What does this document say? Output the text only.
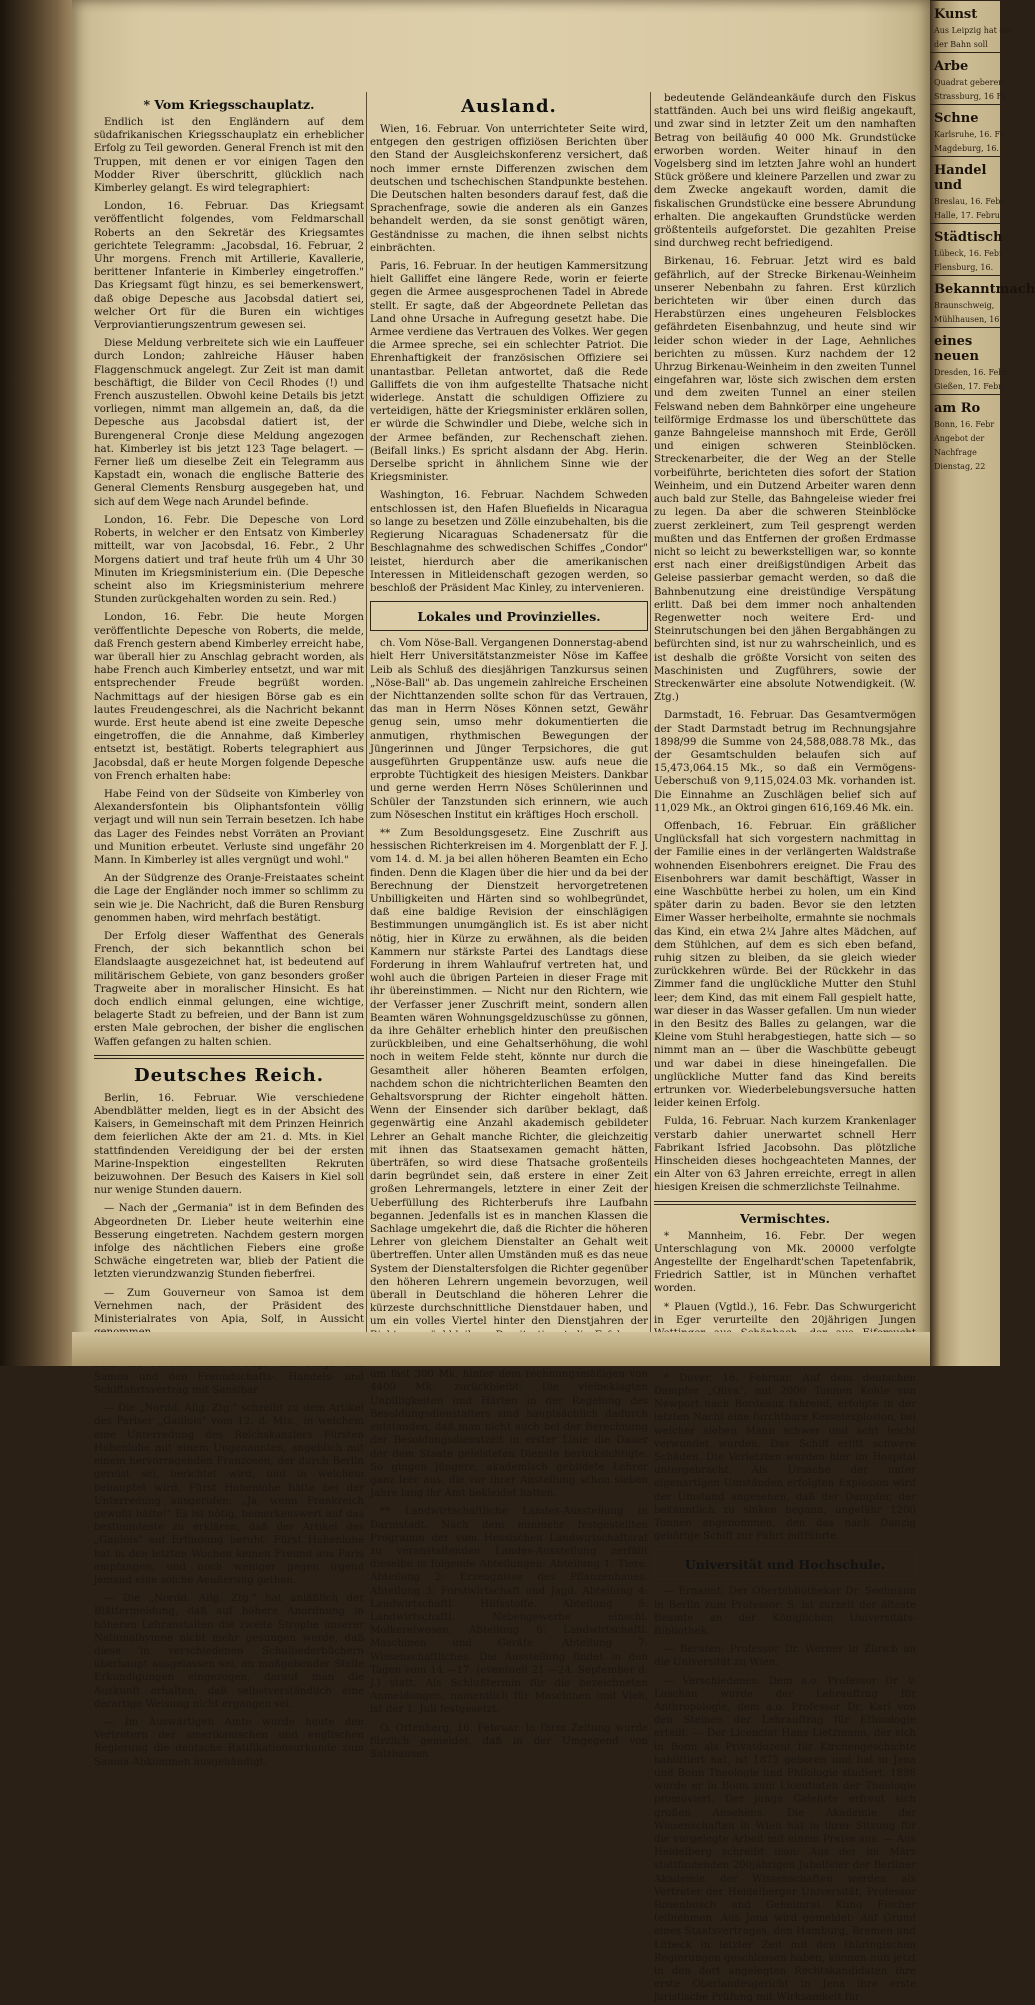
* Vom Kriegsschauplatz.

Endlich ist den Engländern auf dem südafrikanischen Kriegsschauplatz ein erheblicher Erfolg zu Teil geworden. General French ist mit den Truppen, mit denen er vor einigen Tagen den Modder River überschritt, glücklich nach Kimberley gelangt. Es wird telegraphiert:

London, 16. Februar. Das Kriegsamt veröffentlicht folgendes, vom Feldmarschall Roberts an den Sekretär des Kriegsamtes gerichtete Telegramm: „Jacobsdal, 16. Februar, 2 Uhr morgens. French mit Artillerie, Kavallerie, berittener Infanterie in Kimberley eingetroffen." Das Kriegsamt fügt hinzu, es sei bemerkenswert, daß obige Depesche aus Jacobsdal datiert sei, welcher Ort für die Buren ein wichtiges Verproviantierungszentrum gewesen sei.

Diese Meldung verbreitete sich wie ein Lauffeuer durch London; zahlreiche Häuser haben Flaggenschmuck angelegt. Zur Zeit ist man damit beschäftigt, die Bilder von Cecil Rhodes (!) und French auszustellen. Obwohl keine Details bis jetzt vorliegen, nimmt man allgemein an, daß, da die Depesche aus Jacobsdal datiert ist, der Burengeneral Cronje diese Meldung angezogen hat. Kimberley ist bis jetzt 123 Tage belagert. — Ferner ließ um dieselbe Zeit ein Telegramm aus Kapstadt ein, wonach die englische Batterie des General Clements Rensburg ausgegeben hat, und sich auf dem Wege nach Arundel befinde.

London, 16. Febr. Die Depesche von Lord Roberts, in welcher er den Entsatz von Kimberley mitteilt, war von Jacobsdal, 16. Febr., 2 Uhr Morgens datiert und traf heute früh um 4 Uhr 30 Minuten im Kriegsministerium ein. (Die Depesche scheint also im Kriegsministerium mehrere Stunden zurückgehalten worden zu sein. Red.)

London, 16. Febr. Die heute Morgen veröffentlichte Depesche von Roberts, die melde, daß French gestern abend Kimberley erreicht habe, war überall hier zu Anschlag gebracht worden, als habe French auch Kimberley entsetzt, und war mit entsprechender Freude begrüßt worden. Nachmittags auf der hiesigen Börse gab es ein lautes Freudengeschrei, als die Nachricht bekannt wurde. Erst heute abend ist eine zweite Depesche eingetroffen, die die Annahme, daß Kimberley entsetzt ist, bestätigt. Roberts telegraphiert aus Jacobsdal, daß er heute Morgen folgende Depesche von French erhalten habe:

Habe Feind von der Südseite von Kimberley von Alexandersfontein bis Oliphantsfontein völlig verjagt und will nun sein Terrain besetzen. Ich habe das Lager des Feindes nebst Vorräten an Proviant und Munition erbeutet. Verluste sind ungefähr 20 Mann. In Kimberley ist alles vergnügt und wohl."

An der Südgrenze des Oranje-Freistaates scheint die Lage der Engländer noch immer so schlimm zu sein wie je. Die Nachricht, daß die Buren Rensburg genommen haben, wird mehrfach bestätigt.

Der Erfolg dieser Waffenthat des Generals French, der sich bekanntlich schon bei Elandslaagte ausgezeichnet hat, ist bedeutend auf militärischem Gebiete, von ganz besonders großer Tragweite aber in moralischer Hinsicht. Es hat doch endlich einmal gelungen, eine wichtige, belagerte Stadt zu befreien, und der Bann ist zum ersten Male gebrochen, der bisher die englischen Waffen gefangen zu halten schien.

Deutsches Reich.

Berlin, 16. Februar. Wie verschiedene Abendblätter melden, liegt es in der Absicht des Kaisers, in Gemeinschaft mit dem Prinzen Heinrich dem feierlichen Akte der am 21. d. Mts. in Kiel stattfindenden Vereidigung der bei der ersten Marine-Inspektion eingestellten Rekruten beizuwohnen. Der Besuch des Kaisers in Kiel soll nur wenige Stunden dauern.

— Nach der „Germania" ist in dem Befinden des Abgeordneten Dr. Lieber heute weiterhin eine Besserung eingetreten. Nachdem gestern morgen infolge des nächtlichen Fiebers eine große Schwäche eingetreten war, blieb der Patient die letzten vierundzwanzig Stunden fieberfrei.

— Zum Gouverneur von Samoa ist dem Vernehmen nach, der Präsident des Ministerialrates von Apia, Solf, in Aussicht

Samoa und den Freundschafts-, Handels- und Schiffahrtsvertrag mit Sansibar.

— Die „Nordd. Allg. Ztg." schreibt zu dem Artikel des Pariser „Gaulois" vom 12. d. Mts., in welchem eine Unterredung des Reichskanzlers Fürsten Hohenlohe mit einem Ungenannten, angeblich mit einem hervorragenden Franzosen, der durch Berlin gereist sei, berichtet wird, und in welchem behauptet wird, Fürst Hohenlohe hätte bei der Unterredung ausgerufen: „Ja, wenn Frankreich gewollt hätte!" Es ist nötig, bemerkenswert auf das bestimmteste zu erklären, daß der Artikel des „Gaulois" auf Erfindung beruht. Fürst Hohenlohe hat in den letzten Wochen keinen Freund aus Paris empfangen, und noch weniger gegen irgend jemand eine solche Aeußerung gethan.

— Die „Nordd. Allg. Ztg." hat anläßlich der Blättermeldung, daß auf höhere Anordnung in höheren Lehranstalten die zweite Strophe unserer Nationalhymne nicht mehr gesungen werde, daß diese in verschiedenen Schulliederbüchern überhaupt ausgelassen sei, an maßgebender Stelle Erkundigungen eingezogen, darauf man die Auskunft erhalten, daß selbstverständlich eine derartige Weisung nicht ergangen sei.

— Im Auswärtigen Amte wurde heute den Vertretern der amerikanischen und englischen Regierung die deutsche Ratifikationsurkunde zum Samoa-Abkommen ausgehändigt.

Ausland.

Wien, 16. Februar. Von unterrichteter Seite wird, entgegen den gestrigen offiziösen Berichten über den Stand der Ausgleichskonferenz versichert, daß noch immer ernste Differenzen zwischen dem deutschen und tschechischen Standpunkte bestehen. Die Deutschen halten besonders darauf fest, daß die Sprachenfrage, sowie die anderen als ein Ganzes behandelt werden, da sie sonst genötigt wären, Geständnisse zu machen, die ihnen selbst nichts einbrächten.

Paris, 16. Februar. In der heutigen Kammersitzung hielt Galliffet eine längere Rede, worin er feierte gegen die Armee ausgesprochenen Tadel in Abrede stellt. Er sagte, daß der Abgeordnete Pelletan das Land ohne Ursache in Aufregung gesetzt habe. Die Armee verdiene das Vertrauen des Volkes. Wer gegen die Armee spreche, sei ein schlechter Patriot. Die Ehrenhaftigkeit der französischen Offiziere sei unantastbar. Pelletan antwortet, daß die Rede Galliffets die von ihm aufgestellte Thatsache nicht widerlege. Anstatt die schuldigen Offiziere zu verteidigen, hätte der Kriegsminister erklären sollen, er würde die Schwindler und Diebe, welche sich in der Armee befänden, zur Rechenschaft ziehen. (Beifall links.) Es spricht alsdann der Abg. Herin. Derselbe spricht in ähnlichem Sinne wie der Kriegsminister.

Washington, 16. Februar. Nachdem Schweden entschlossen ist, den Hafen Bluefields in Nicaragua so lange zu besetzen und Zölle einzubehalten, bis die Regierung Nicaraguas Schadenersatz für die Beschlagnahme des schwedischen Schiffes „Condor" leistet, hierdurch aber die amerikanischen Interessen in Mitleidenschaft gezogen werden, so beschloß der Präsident Mac Kinley, zu intervenieren.

Lokales und Provinzielles.

ch. Vom Nöse-Ball. Vergangenen Donnerstag-abend hielt Herr Universitätstanzmeister Nöse im Kaffee Leib als Schluß des diesjährigen Tanzkursus seinen „Nöse-Ball" ab. Das ungemein zahlreiche Erscheinen der Nichttanzenden sollte schon für das Vertrauen, das man in Herrn Nöses Können setzt, Gewähr genug sein, umso mehr dokumentierten die anmutigen, rhythmischen Bewegungen der Jüngerinnen und Jünger Terpsichores, die gut ausgeführten Gruppentänze usw. aufs neue die erprobte Tüchtigkeit des hiesigen Meisters. Dankbar und gerne werden Herrn Nöses Schülerinnen und Schüler der Tanzstunden sich erinnern, wie auch zum Nöseschen Institut ein kräftiges Hoch erscholl.

** Zum Besoldungsgesetz. Eine Zuschrift aus hessischen Richterkreisen im 4. Morgenblatt der F. J. vom 14. d. M. ja bei allen höheren Beamten ein Echo finden. Denn die Klagen über die hier und da bei der Berechnung der Dienstzeit hervorgetretenen Unbilligkeiten und Härten sind so wohlbegründet, daß eine baldige Revision der einschlägigen Bestimmungen unumgänglich ist. Es ist aber nicht nötig, hier in Kürze zu erwähnen, als die beiden Kammern nur stärkste Partei des Landtags diese Forderung in ihrem Wahlaufruf vertreten hat, und wohl auch die übrigen Parteien in dieser Frage mit ihr übereinstimmen. — Nicht nur den Richtern, wie der Verfasser jener Zuschrift meint, sondern allen Beamten wären Wohnungsgeldzuschüsse zu gönnen, da ihre Gehälter erheblich hinter den preußischen zurückbleiben, und eine Gehaltserhöhung, die wohl noch in weitem Felde steht, könnte nur durch die Gesamtheit aller höheren Beamten erfolgen, nachdem schon die nichtrichterlichen Beamten den Gehaltsvorsprung der Richter eingeholt hätten. Wenn der Einsender sich darüber beklagt, daß gegenwärtig eine Anzahl akademisch gebildeter Lehrer an Gehalt manche Richter, die gleichzeitig mit ihnen das Staatsexamen gemacht hätten, überträfen, so wird diese Thatsache großenteils darin begründet sein, daß erstere in einer Zeit großen Lehrermangels, letztere in einer Zeit der Ueberfüllung des Richterberufs ihre Laufbahn begannen. Jedenfalls ist es in manchen Klassen die Sachlage umgekehrt die, daß die Richter die höheren Lehrer von gleichem Dienstalter an Gehalt weit übertreffen. Unter allen Umständen muß es das neue System der Dienstaltersfolgen die Richter gegenüber den höheren Lehrern ungemein bevorzugen, weil überall in Deutschland die höheren Lehrer die kürzeste durchschnittliche Dienstdauer haben, und um ein volles Viertel hinter den Dienstjahren der um fast 300 Mk. hinter dem rechnungsmäßigen von 4400 Mk. zurückbleibt. Die vielbeklagten Unbilligkeiten und Härten in der Regelung des Besoldungsdienstalters sind hauptsächlich dadurch entstanden, daß man nicht auch bei der Berechnung der Besoldungsdienstzeit in erster Linie die Dauer der dem Staate geleisteten Dienste berücksichtigte. So gingen jüngere, akademisch gebildete Lehrer ganz leer aus, die vor ihrer Anstellung schon sieben Jahre lang ihr Amt bekleidet hatten.

** Landwirtschaftliche Landes-Ausstellung in Darmstadt. Nach dem nunmehr festgestellten Programm der vom Hessischen Landwirtschaftsrat zu veranstaltenden Landes-Ausstellung zerfällt dieselbe in folgende Abteilungen: Abteilung 1: Tiere. Abteilung 2: Erzeugnisse des Pflanzenbaues. Abteilung 3: Forstwirtschaft und Jagd. Abteilung 4: Landwirtschaftl. Hilfsstoffe. Abteilung 5: Landwirtschaftl. Nebengewerbe einschl. Molkereiwesen. Abteilung 6: Landwirtschaftl. Maschinen und Geräte. Abteilung 7: Wissenschaftliches. Die Ausstellung findet in den Tagen vom 14.—17. (eventuell 21.—24. September d. J.) statt. Als Schlußtermin für die bezeichneten Anmeldungen, namentlich für Maschinen und Vieh, ist der 1. Juli festgesetzt.

O. Ortenberg, 16. Februar. In Ihrer Zeitung wurde fürzlich gemeldet, daß in der Umgegend von Salzhausen

bedeutende Geländeankäufe durch den Fiskus stattfänden. Auch bei uns wird fleißig angekauft, und zwar sind in letzter Zeit um den namhaften Betrag von beiläufig 40 000 Mk. Grundstücke erworben worden. Weiter hinauf in den Vogelsberg sind im letzten Jahre wohl an hundert Stück größere und kleinere Parzellen und zwar zu dem Zwecke angekauft worden, damit die fiskalischen Grundstücke eine bessere Abrundung erhalten. Die angekauften Grundstücke werden größtenteils aufgeforstet. Die gezahlten Preise sind durchweg recht befriedigend.

Birkenau, 16. Februar. Jetzt wird es bald gefährlich, auf der Strecke Birkenau-Weinheim unserer Nebenbahn zu fahren. Erst kürzlich berichteten wir über einen durch das Herabstürzen eines ungeheuren Felsblockes gefährdeten Eisenbahnzug, und heute sind wir leider schon wieder in der Lage, Aehnliches berichten zu müssen. Kurz nachdem der 12 Uhrzug Birkenau-Weinheim in den zweiten Tunnel eingefahren war, löste sich zwischen dem ersten und dem zweiten Tunnel an einer steilen Felswand neben dem Bahnkörper eine ungeheure teilförmige Erdmasse los und überschüttete das ganze Bahngeleise mannshoch mit Erde, Geröll und einigen schweren Steinblöcken. Streckenarbeiter, die der Weg an der Stelle vorbeiführte, berichteten dies sofort der Station Weinheim, und ein Dutzend Arbeiter waren denn auch bald zur Stelle, das Bahngeleise wieder frei zu legen. Da aber die schweren Steinblöcke zuerst zerkleinert, zum Teil gesprengt werden mußten und das Entfernen der großen Erdmasse nicht so leicht zu bewerkstelligen war, so konnte erst nach einer dreißigstündigen Arbeit das Geleise passierbar gemacht werden, so daß die Bahnbenutzung eine dreistündige Verspätung erlitt. Daß bei dem immer noch anhaltenden Regenwetter noch weitere Erd- und Steinrutschungen bei den jähen Bergabhängen zu befürchten sind, ist nur zu wahrscheinlich, und es ist deshalb die größte Vorsicht von seiten des Maschinisten und Zugführers, sowie der Streckenwärter eine absolute Notwendigkeit. (W. Ztg.)

Darmstadt, 16. Februar. Das Gesamtvermögen der Stadt Darmstadt betrug im Rechnungsjahre 1898/99 die Summe von 24,588,088.78 Mk., das der Gesamtschulden belaufen sich auf 15,473,064.15 Mk., so daß ein Vermögens-Ueberschuß von 9,115,024.03 Mk. vorhanden ist. Die Einnahme an Zuschlägen belief sich auf 11,029 Mk., an Oktroi gingen 616,169.46 Mk. ein.

Offenbach, 16. Februar. Ein gräßlicher Unglücksfall hat sich vorgestern nachmittag in der Familie eines in der verlängerten Waldstraße wohnenden Eisenbohrers ereignet. Die Frau des Eisenbohrers war damit beschäftigt, Wasser in eine Waschbütte herbei zu holen, um ein Kind später darin zu baden. Bevor sie den letzten Eimer Wasser herbeiholte, ermahnte sie nochmals das Kind, ein etwa 2¼ Jahre altes Mädchen, auf dem Stühlchen, auf dem es sich eben befand, ruhig sitzen zu bleiben, da sie gleich wieder zurückkehren würde. Bei der Rückkehr in das Zimmer fand die unglückliche Mutter den Stuhl leer; dem Kind, das mit einem Fall gespielt hatte, war dieser in das Wasser gefallen. Um nun wieder in den Besitz des Balles zu gelangen, war die Kleine vom Stuhl herabgestiegen, hatte sich — so nimmt man an — über die Waschbütte gebeugt und war dabei in diese hineingefallen. Die unglückliche Mutter fand das Kind bereits ertrunken vor. Wiederbelebungsversuche hatten leider keinen Erfolg.

Fulda, 16. Februar. Nach kurzem Krankenlager verstarb dahier unerwartet schnell Herr Fabrikant Isfried Jacobsohn. Das plötzliche Hinscheiden dieses hochgeachteten Mannes, der ein Alter von 63 Jahren erreichte, erregt in allen hiesigen Kreisen die schmerzlichste Teilnahme.

Vermischtes.

* Mannheim, 16. Febr. Der wegen Unterschlagung von Mk. 20000 verfolgte Angestellte der Engelhardt'schen Tapetenfabrik, Friedrich Sattler, ist in München verhaftet worden.

* Plauen (Vgtld.), 16. Febr. Das Schwurgericht in Eger verurteilte den 20jährigen Jungen

* Dover, 16. Februar. Auf dem deutschen Dampfer „Oliva", mit 2000 Tonnen Kohle von Newport nach Bordeaux fahrend, erfolgte in der letzten Nacht eine furchtbare Kesselexplosion, bei welcher sieben Mann schwer und acht leicht verwundet wurden. Das Schiff erlitt schwere Schäden. Die Verletzten wurden hier im Hospital untergebracht. Als Ursache der unter eigenartigen Umständen erfolgten Explosion wird der Umstand angesehen, daß der Dampfer, der bekanntlich zu sinken begann, ungefähr 1200 Tonnen angenommen, den das nach Danzig gehörige Schiff zur Fahrt mitführte.

Universität und Hochschule.

— Ernannt: Der Oberbibliothekar Dr. Seelmann in Berlin zum Professor. S. ist zurzeit der älteste Beamte an der Königlichen Universitäts-Bibliothek.

— Berufen: Professor Dr. Werner in Zürich an die Universität zu Wien.

— Verschiedenes: Dem a.o. Professor Dr. v. Luschan wurde der Lehrauftrag für Anthropologie, dem a.o. Professor Dr. Karl von den Steinen der Lehrauftrag für Ethnologie erteilt. — Der Licenciat Hans Lietzmann, der sich in Bonn als Privatdozent für Kirchengeschichte habilitiert hat, ist 1875 geboren und hat in Jena und Bonn Theologie und Philologie studiert. 1896 wurde er in Bonn zum Licentiaten der Theologie promoviert. Der junge Gelehrte erfreut sich großen Ansehens. Die Akademie der Wissenschaften in Wien hat in ihrer Sitzung für die vorgelegte Arbeit mit einem Preise aus. — Aus Heidelberg schreibt man: Aus der im März stattfindenden 200jährigen Jubelfeier der Berliner Akademie der Wissenschaften werden als Vertreter der Heidelberger Universität, Professor Rosenbusch und Geheimrat Kuno Fischer teilnehmen. Aus Jena wird gemeldet: Auf Grund eines Staatsvertrages, den Hamburg, Bremen und Lübeck in letzter Zeit mit den thüringischen Regierungen geschlossen haben, können nun jetzt in den dort angelegten Rechtskandidaten ihre erste Oberlandesgericht in Jena ihre erste juristische Prüfung mit Wirksamkeit für

Kunst
Aus Leipzig hat die
der Bahn soll
Arbe
Quadrat geberen
Strassburg, 16 Fe
Schne
Karlsruhe, 16. Fe
Magdeburg, 16.
Handel und
Breslau, 16. Febr
Halle, 17. Febru
Städtisch
Lübeck, 16. Febr
Flensburg, 16.
Bekanntmach
Braunschweig,
Mühlhausen, 16.
eines neuen
Dresden, 16. Febr
Gießen, 17. Febr
am Ro
Bonn, 16. Febr
Angebot der
Nachfrage
Dienstag, 22
